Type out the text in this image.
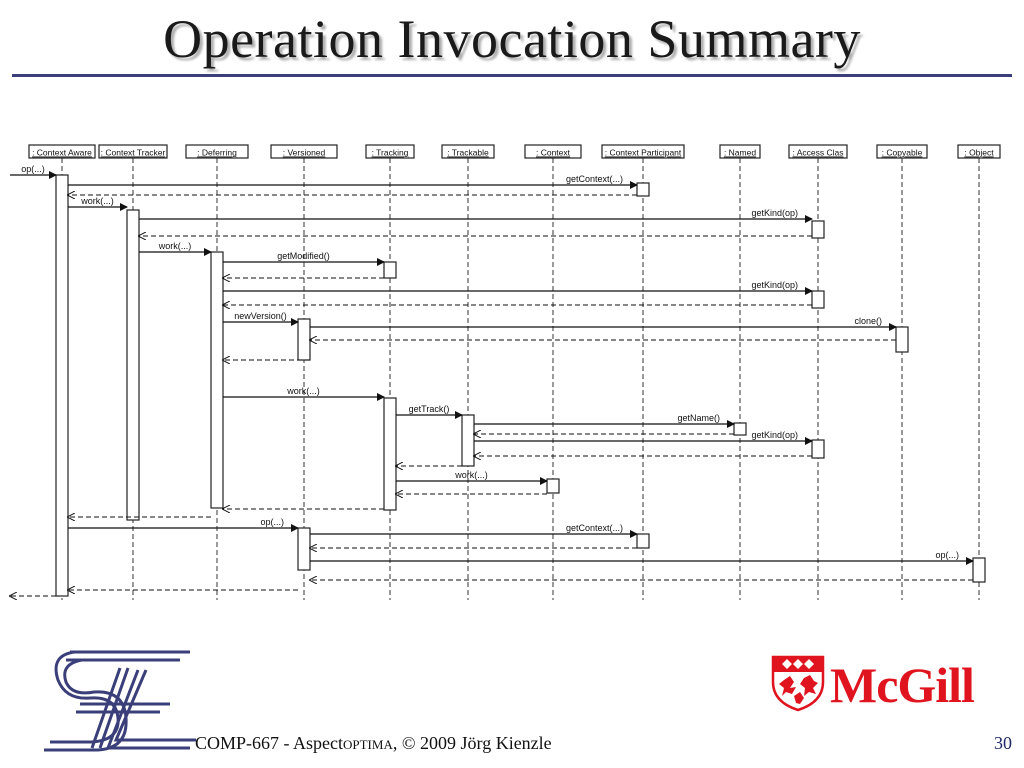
Operation Invocation Summary
op(...)
getContext(...)
work(...)
getKind(op)
work(...)
getModified()
getKind(op)
newVersion()	clone()
work(...)
getTrack()
getName()
getKind(op)
work(...)
op(...)
getContext(...)
op(...)
: Context Aware : Context Tracker	: Deferring	: Versioned	: Tracking	: Trackable	: Context	: Context Participant	: Named	: Access Clas	: Copyable	: Object
McGill
COMP-667 - AspectOPTIMA, © 2009 Jörg Kienzle	30
